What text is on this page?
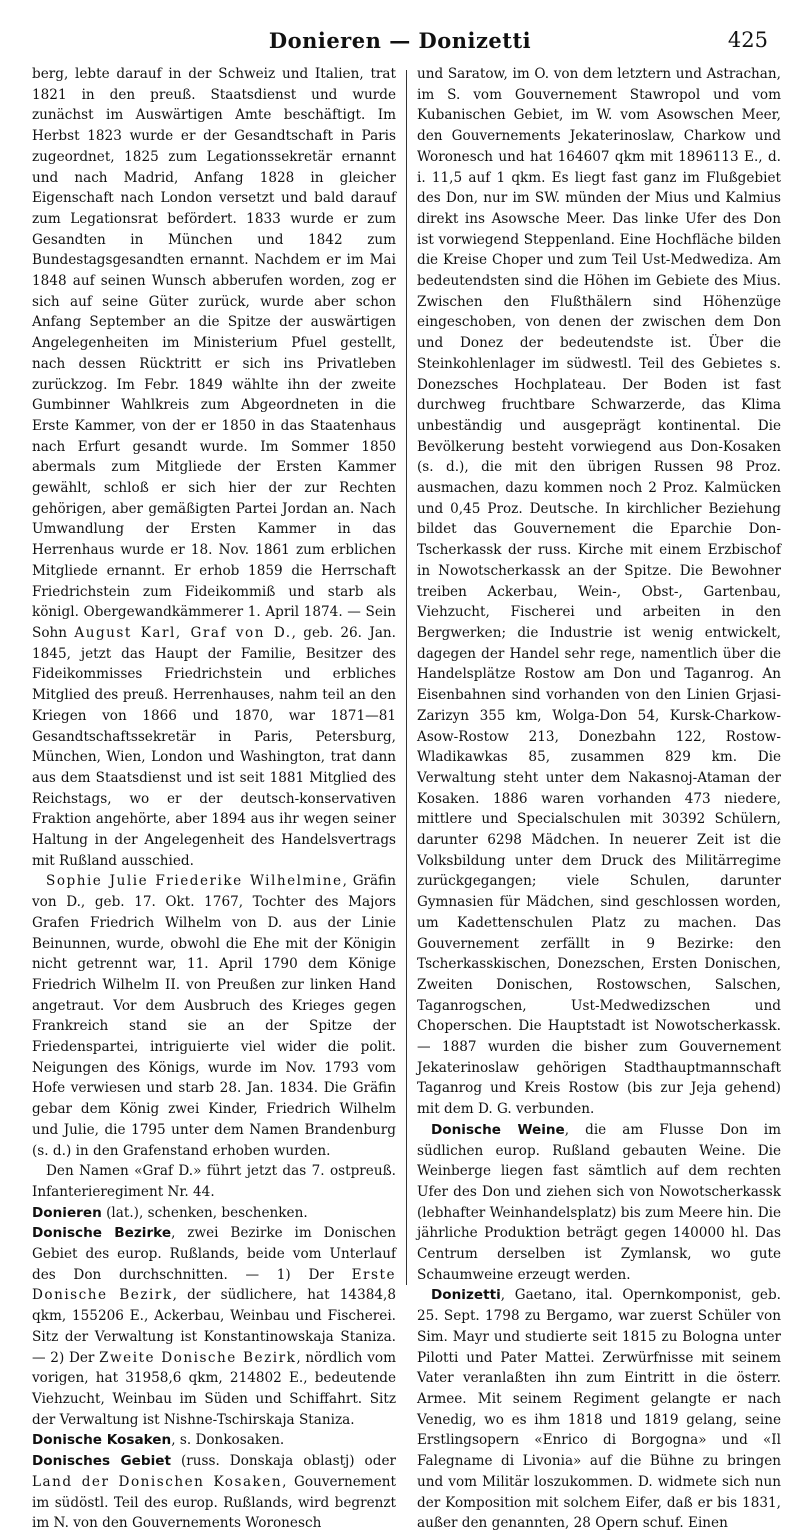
Donieren — Donizetti	425

berg, lebte darauf in der Schweiz und Italien, trat 1821 in den preuß. Staatsdienst und wurde zunächst im Auswärtigen Amte beschäftigt. Im Herbst 1823 wurde er der Gesandtschaft in Paris zugeordnet, 1825 zum Legationssekretär ernannt und nach Madrid, Anfang 1828 in gleicher Eigenschaft nach London versetzt und bald darauf zum Legationsrat befördert. 1833 wurde er zum Gesandten in München und 1842 zum Bundestagsgesandten ernannt. Nachdem er im Mai 1848 auf seinen Wunsch abberufen worden, zog er sich auf seine Güter zurück, wurde aber schon Anfang September an die Spitze der auswärtigen Angelegenheiten im Ministerium Pfuel gestellt, nach dessen Rücktritt er sich ins Privatleben zurückzog. Im Febr. 1849 wählte ihn der zweite Gumbinner Wahlkreis zum Abgeordneten in die Erste Kammer, von der er 1850 in das Staatenhaus nach Erfurt gesandt wurde. Im Sommer 1850 abermals zum Mitgliede der Ersten Kammer gewählt, schloß er sich hier der zur Rechten gehörigen, aber gemäßigten Partei Jordan an. Nach Umwandlung der Ersten Kammer in das Herrenhaus wurde er 18. Nov. 1861 zum erblichen Mitgliede ernannt. Er erhob 1859 die Herrschaft Friedrichstein zum Fideikommiß und starb als königl. Obergewandkämmerer 1. April 1874. — Sein Sohn August Karl, Graf von D., geb. 26. Jan. 1845, jetzt das Haupt der Familie, Besitzer des Fideikommisses Friedrichstein und erbliches Mitglied des preuß. Herrenhauses, nahm teil an den Kriegen von 1866 und 1870, war 1871—81 Gesandtschaftssekretär in Paris, Petersburg, München, Wien, London und Washington, trat dann aus dem Staatsdienst und ist seit 1881 Mitglied des Reichstags, wo er der deutsch-konservativen Fraktion angehörte, aber 1894 aus ihr wegen seiner Haltung in der Angelegenheit des Handelsvertrags mit Rußland ausschied.

Sophie Julie Friederike Wilhelmine, Gräfin von D., geb. 17. Okt. 1767, Tochter des Majors Grafen Friedrich Wilhelm von D. aus der Linie Beinunnen, wurde, obwohl die Ehe mit der Königin nicht getrennt war, 11. April 1790 dem Könige Friedrich Wilhelm II. von Preußen zur linken Hand angetraut. Vor dem Ausbruch des Krieges gegen Frankreich stand sie an der Spitze der Friedenspartei, intriguierte viel wider die polit. Neigungen des Königs, wurde im Nov. 1793 vom Hofe verwiesen und starb 28. Jan. 1834. Die Gräfin gebar dem König zwei Kinder, Friedrich Wilhelm und Julie, die 1795 unter dem Namen Brandenburg (s. d.) in den Grafenstand erhoben wurden.

Den Namen «Graf D.» führt jetzt das 7. ostpreuß. Infanterieregiment Nr. 44.

Donieren (lat.), schenken, beschenken.

Donische Bezirke, zwei Bezirke im Donischen Gebiet des europ. Rußlands, beide vom Unterlauf des Don durchschnitten. — 1) Der Erste Donische Bezirk, der südlichere, hat 14384,8 qkm, 155206 E., Ackerbau, Weinbau und Fischerei. Sitz der Verwaltung ist Konstantinowskaja Staniza. — 2) Der Zweite Donische Bezirk, nördlich vom vorigen, hat 31958,6 qkm, 214802 E., bedeutende Viehzucht, Weinbau im Süden und Schiffahrt. Sitz der Verwaltung ist Nishne-Tschirskaja Staniza.

Donische Kosaken, s. Donkosaken.

Donisches Gebiet (russ. Donskaja oblastj) oder Land der Donischen Kosaken, Gouvernement im südöstl. Teil des europ. Rußlands, wird begrenzt im N. von den Gouvernements Woronesch

und Saratow, im O. von dem letztern und Astrachan, im S. vom Gouvernement Stawropol und vom Kubanischen Gebiet, im W. vom Asowschen Meer, den Gouvernements Jekaterinoslaw, Charkow und Woronesch und hat 164607 qkm mit 1896113 E., d. i. 11,5 auf 1 qkm. Es liegt fast ganz im Flußgebiet des Don, nur im SW. münden der Mius und Kalmius direkt ins Asowsche Meer. Das linke Ufer des Don ist vorwiegend Steppenland. Eine Hochfläche bilden die Kreise Choper und zum Teil Ust-Medwediza. Am bedeutendsten sind die Höhen im Gebiete des Mius. Zwischen den Flußthälern sind Höhenzüge eingeschoben, von denen der zwischen dem Don und Donez der bedeutendste ist. Über die Steinkohlenlager im südwestl. Teil des Gebietes s. Donezsches Hochplateau. Der Boden ist fast durchweg fruchtbare Schwarzerde, das Klima unbeständig und ausgeprägt kontinental. Die Bevölkerung besteht vorwiegend aus Don-Kosaken (s. d.), die mit den übrigen Russen 98 Proz. ausmachen, dazu kommen noch 2 Proz. Kalmücken und 0,45 Proz. Deutsche. In kirchlicher Beziehung bildet das Gouvernement die Eparchie Don-Tscherkassk der russ. Kirche mit einem Erzbischof in Nowotscherkassk an der Spitze. Die Bewohner treiben Ackerbau, Wein-, Obst-, Gartenbau, Viehzucht, Fischerei und arbeiten in den Bergwerken; die Industrie ist wenig entwickelt, dagegen der Handel sehr rege, namentlich über die Handelsplätze Rostow am Don und Taganrog. An Eisenbahnen sind vorhanden von den Linien Grjasi-Zarizyn 355 km, Wolga-Don 54, Kursk-Charkow-Asow-Rostow 213, Donezbahn 122, Rostow-Wladikawkas 85, zusammen 829 km. Die Verwaltung steht unter dem Nakasnoj-Ataman der Kosaken. 1886 waren vorhanden 473 niedere, mittlere und Specialschulen mit 30392 Schülern, darunter 6298 Mädchen. In neuerer Zeit ist die Volksbildung unter dem Druck des Militärregime zurückgegangen; viele Schulen, darunter Gymnasien für Mädchen, sind geschlossen worden, um Kadettenschulen Platz zu machen. Das Gouvernement zerfällt in 9 Bezirke: den Tscherkasskischen, Donezschen, Ersten Donischen, Zweiten Donischen, Rostowschen, Salschen, Taganrogschen, Ust-Medwedizschen und Choperschen. Die Hauptstadt ist Nowotscherkassk. — 1887 wurden die bisher zum Gouvernement Jekaterinoslaw gehörigen Stadthauptmannschaft Taganrog und Kreis Rostow (bis zur Jeja gehend) mit dem D. G. verbunden.

Donische Weine, die am Flusse Don im südlichen europ. Rußland gebauten Weine. Die Weinberge liegen fast sämtlich auf dem rechten Ufer des Don und ziehen sich von Nowotscherkassk (lebhafter Weinhandelsplatz) bis zum Meere hin. Die jährliche Produktion beträgt gegen 140000 hl. Das Centrum derselben ist Zymlansk, wo gute Schaumweine erzeugt werden.

Donizetti, Gaetano, ital. Opernkomponist, geb. 25. Sept. 1798 zu Bergamo, war zuerst Schüler von Sim. Mayr und studierte seit 1815 zu Bologna unter Pilotti und Pater Mattei. Zerwürfnisse mit seinem Vater veranlaßten ihn zum Eintritt in die österr. Armee. Mit seinem Regiment gelangte er nach Venedig, wo es ihm 1818 und 1819 gelang, seine Erstlingsopern «Enrico di Borgogna» und «Il Falegname di Livonia» auf die Bühne zu bringen und vom Militär loszukommen. D. widmete sich nun der Komposition mit solchem Eifer, daß er bis 1831, außer den genannten, 28 Opern schuf. Einen
